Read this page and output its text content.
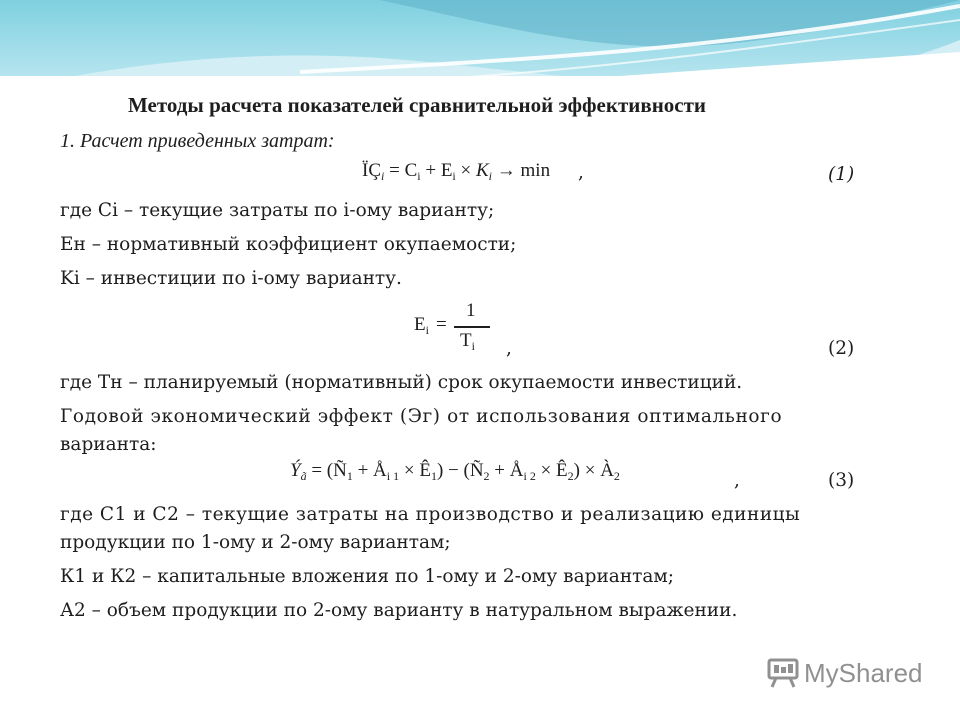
Методы расчета показателей сравнительной эффективности
1. Расчет приведенных затрат:
$ÏÇ_i = C_i + E_i \times K_i \to \min$ ,	(1)
где Ci – текущие затраты по i-ому варианту;
Ен – нормативный коэффициент окупаемости;
Ki – инвестиции по i-ому варианту.
$E_i$ =
1
$T_i$ ,	(2)
где Тн – планируемый (нормативный) срок окупаемости инвестиций.
Годовой экономический эффект (Эг) от использования оптимального
варианта:
$Ý_ã$ = ($Ñ_1$ + $Å_{i 1}$ × $Ê_1$) − ($Ñ_2$ + $Å_{i 2}$ × $Ê_2$) × $À_2$	,	(3)
где С1 и С2 – текущие затраты на производство и реализацию единицы
продукции по 1-ому и 2-ому вариантам;
К1 и К2 – капитальные вложения по 1-ому и 2-ому вариантам;
А2 – объем продукции по 2-ому варианту в натуральном выражении.
MyShared
